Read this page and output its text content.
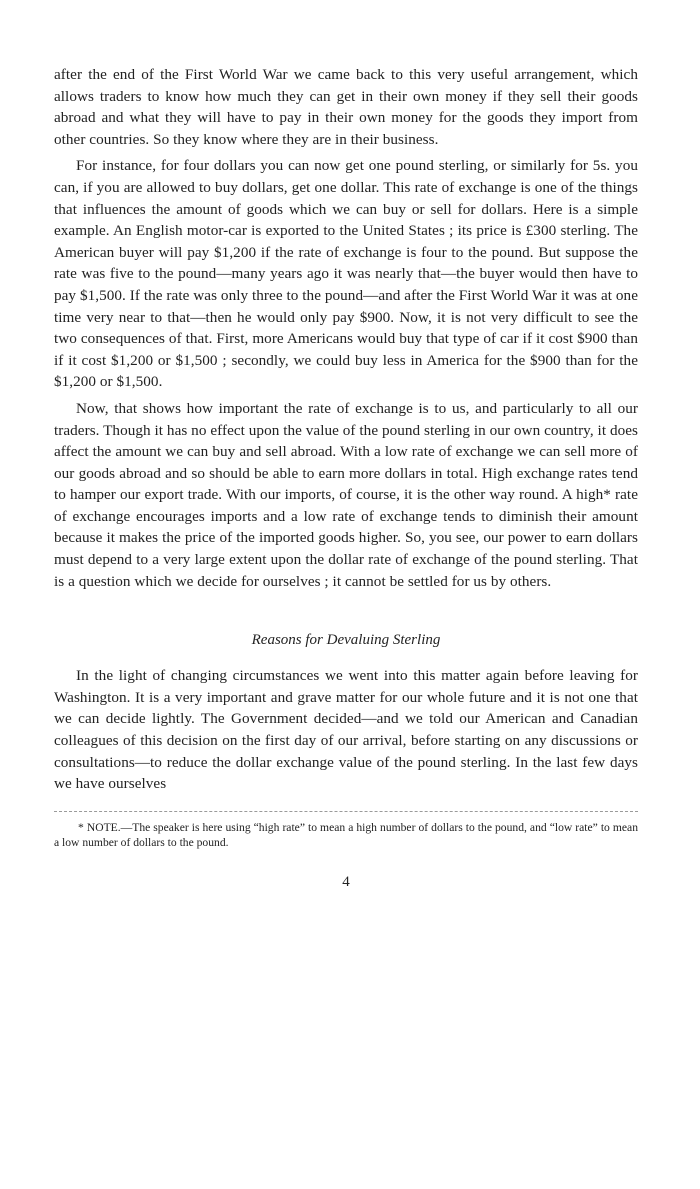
after the end of the First World War we came back to this very useful arrangement, which allows traders to know how much they can get in their own money if they sell their goods abroad and what they will have to pay in their own money for the goods they import from other countries. So they know where they are in their business.

For instance, for four dollars you can now get one pound sterling, or similarly for 5s. you can, if you are allowed to buy dollars, get one dollar. This rate of exchange is one of the things that influences the amount of goods which we can buy or sell for dollars. Here is a simple example. An English motor-car is exported to the United States ; its price is £300 sterling. The American buyer will pay $1,200 if the rate of exchange is four to the pound. But suppose the rate was five to the pound—many years ago it was nearly that—the buyer would then have to pay $1,500. If the rate was only three to the pound—and after the First World War it was at one time very near to that—then he would only pay $900. Now, it is not very difficult to see the two consequences of that. First, more Americans would buy that type of car if it cost $900 than if it cost $1,200 or $1,500 ; secondly, we could buy less in America for the $900 than for the $1,200 or $1,500.

Now, that shows how important the rate of exchange is to us, and particularly to all our traders. Though it has no effect upon the value of the pound sterling in our own country, it does affect the amount we can buy and sell abroad. With a low rate of exchange we can sell more of our goods abroad and so should be able to earn more dollars in total. High exchange rates tend to hamper our export trade. With our imports, of course, it is the other way round. A high* rate of exchange encourages imports and a low rate of exchange tends to diminish their amount because it makes the price of the imported goods higher. So, you see, our power to earn dollars must depend to a very large extent upon the dollar rate of exchange of the pound sterling. That is a question which we decide for ourselves ; it cannot be settled for us by others.

Reasons for Devaluing Sterling

In the light of changing circumstances we went into this matter again before leaving for Washington. It is a very important and grave matter for our whole future and it is not one that we can decide lightly. The Government decided—and we told our American and Canadian colleagues of this decision on the first day of our arrival, before starting on any discussions or consultations—to reduce the dollar exchange value of the pound sterling. In the last few days we have ourselves

* NOTE.—The speaker is here using “high rate” to mean a high number of dollars to the pound, and “low rate” to mean a low number of dollars to the pound.

4
